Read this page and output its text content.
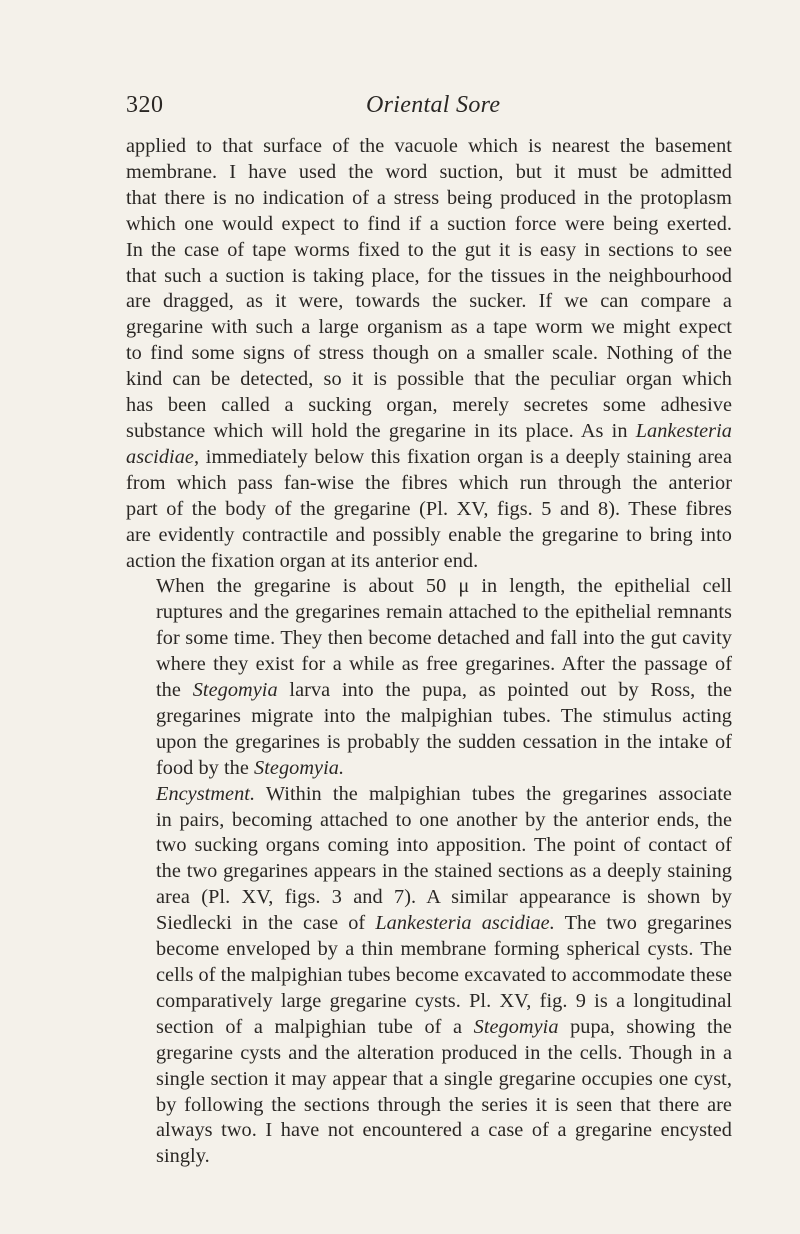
320	Oriental Sore

applied to that surface of the vacuole which is nearest the basement
membrane. I have used the word suction, but it must be admitted
that there is no indication of a stress being produced in the protoplasm
which one would expect to find if a suction force were being exerted.
In the case of tape worms fixed to the gut it is easy in sections to see
that such a suction is taking place, for the tissues in the neighbourhood
are dragged, as it were, towards the sucker. If we can compare a
gregarine with such a large organism as a tape worm we might expect
to find some signs of stress though on a smaller scale. Nothing of the
kind can be detected, so it is possible that the peculiar organ which
has been called a sucking organ, merely secretes some adhesive
substance which will hold the gregarine in its place. As in Lankesteria
ascidiae, immediately below this fixation organ is a deeply staining area
from which pass fan-wise the fibres which run through the anterior
part of the body of the gregarine (Pl. XV, figs. 5 and 8). These fibres
are evidently contractile and possibly enable the gregarine to bring into
action the fixation organ at its anterior end.

When the gregarine is about 50 μ in length, the epithelial cell
ruptures and the gregarines remain attached to the epithelial remnants
for some time. They then become detached and fall into the gut cavity
where they exist for a while as free gregarines. After the passage of
the Stegomyia larva into the pupa, as pointed out by Ross, the
gregarines migrate into the malpighian tubes. The stimulus acting
upon the gregarines is probably the sudden cessation in the intake of
food by the Stegomyia.

Encystment. Within the malpighian tubes the gregarines associate
in pairs, becoming attached to one another by the anterior ends, the
two sucking organs coming into apposition. The point of contact of
the two gregarines appears in the stained sections as a deeply staining
area (Pl. XV, figs. 3 and 7). A similar appearance is shown by
Siedlecki in the case of Lankesteria ascidiae. The two gregarines
become enveloped by a thin membrane forming spherical cysts. The
cells of the malpighian tubes become excavated to accommodate these
comparatively large gregarine cysts. Pl. XV, fig. 9 is a longitudinal
section of a malpighian tube of a Stegomyia pupa, showing the
gregarine cysts and the alteration produced in the cells. Though in a
single section it may appear that a single gregarine occupies one cyst,
by following the sections through the series it is seen that there are
always two. I have not encountered a case of a gregarine encysted
singly.
